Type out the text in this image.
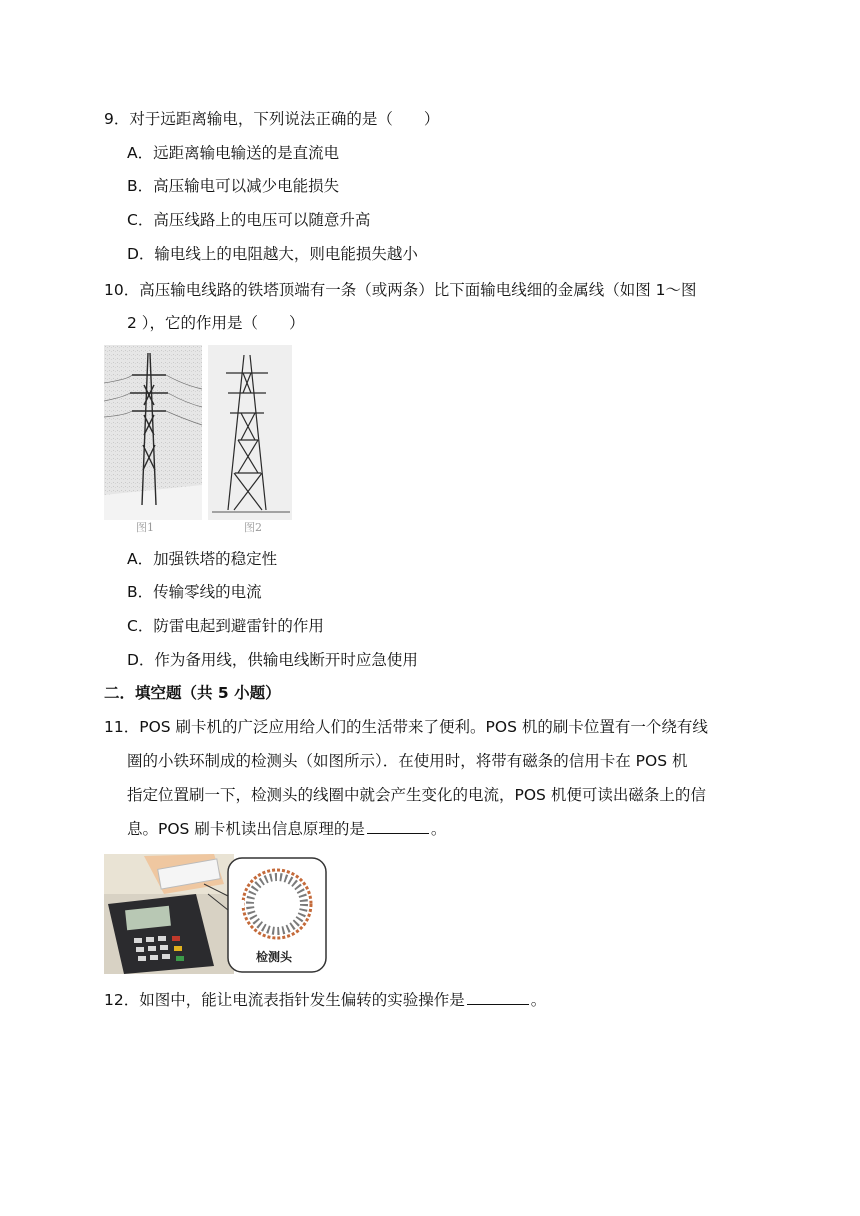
9．对于远距离输电，下列说法正确的是（　　）
A．远距离输电输送的是直流电
B．高压输电可以减少电能损失
C．高压线路上的电压可以随意升高
D．输电线上的电阻越大，则电能损失越小
10．高压输电线路的铁塔顶端有一条（或两条）比下面输电线细的金属线（如图 1～图
2 ），它的作用是（　　）
图1	图2
A．加强铁塔的稳定性
B．传输零线的电流
C．防雷电起到避雷针的作用
D．作为备用线，供输电线断开时应急使用
二．填空题（共 5 小题）
11．POS 刷卡机的广泛应用给人们的生活带来了便利。POS 机的刷卡位置有一个绕有线
圈的小铁环制成的检测头（如图所示）．在使用时，将带有磁条的信用卡在 POS 机
指定位置刷一下，检测头的线圈中就会产生变化的电流，POS 机便可读出磁条上的信
息。POS 刷卡机读出信息原理的是	。
检测头
12．如图中，能让电流表指针发生偏转的实验操作是	。
